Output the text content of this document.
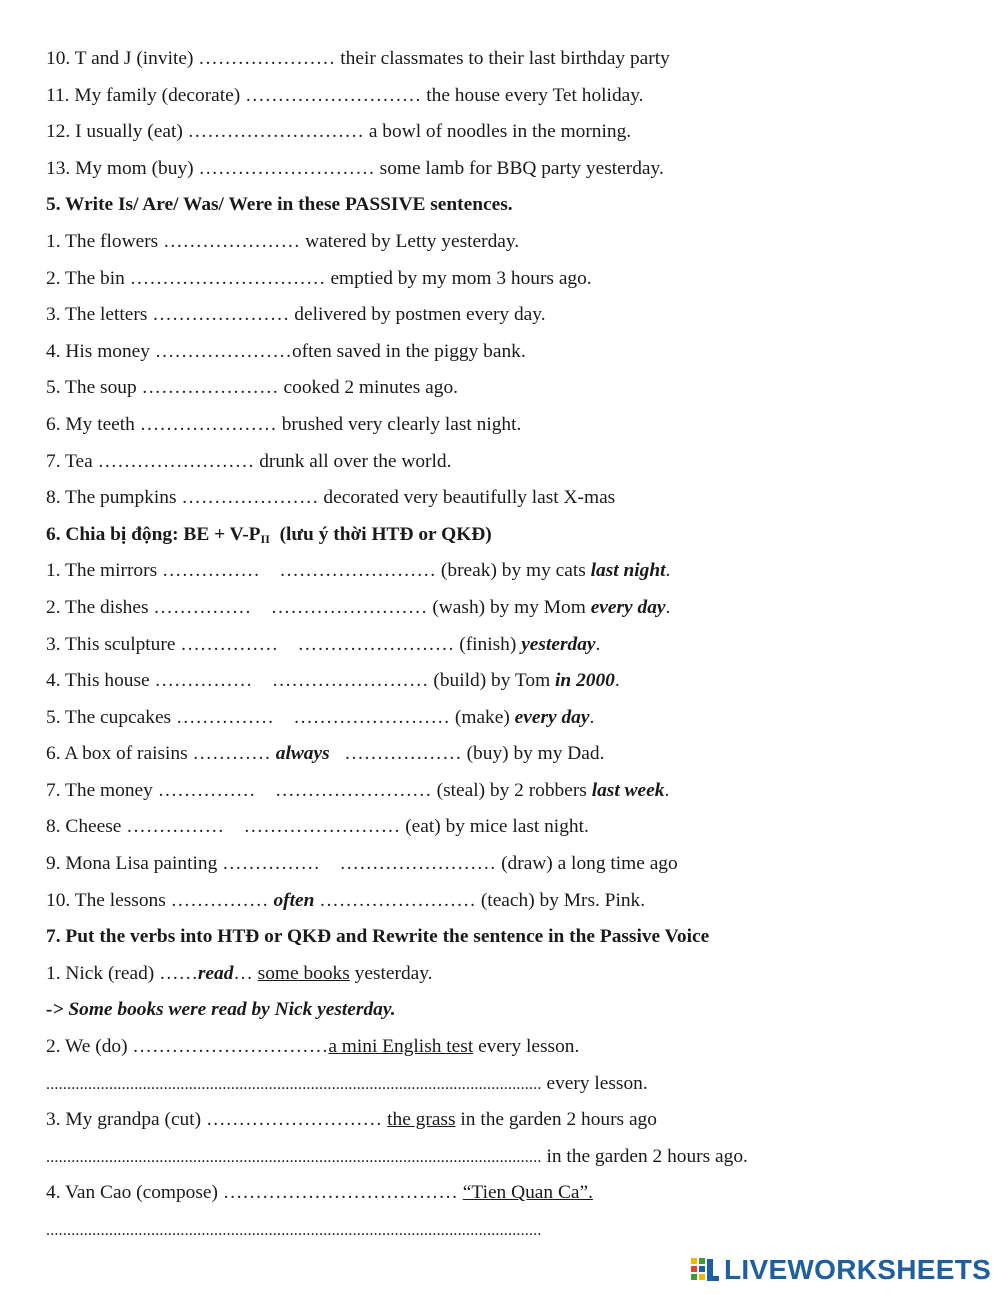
10. T and J (invite) ………………… their classmates to their last birthday party
11. My family (decorate) ……………………… the house every Tet holiday.
12. I usually (eat) ……………………… a bowl of noodles in the morning.
13. My mom (buy) ……………………… some lamb for BBQ party yesterday.
5. Write Is/ Are/ Was/ Were in these PASSIVE sentences.
1. The flowers ………………… watered by Letty yesterday.
2. The bin ………………………… emptied by my mom 3 hours ago.
3. The letters ………………… delivered by postmen every day.
4. His money …………………often saved in the piggy bank.
5. The soup ………………… cooked 2 minutes ago.
6. My teeth ………………… brushed very clearly last night.
7. Tea …………………… drunk all over the world.
8. The pumpkins ………………… decorated very beautifully last X-mas
6. Chia bị động: BE + $V-P_{II}$ (lưu ý thời HTĐ or QKĐ)
1. The mirrors …………… …………………… (break) by my cats last night.
2. The dishes …………… …………………… (wash) by my Mom every day.
3. This sculpture …………… …………………… (finish) yesterday.
4. This house …………… …………………… (build) by Tom in 2000.
5. The cupcakes …………… …………………… (make) every day.
6. A box of raisins ………… always ……………… (buy) by my Dad.
7. The money …………… …………………… (steal) by 2 robbers last week.
8. Cheese …………… …………………… (eat) by mice last night.
9. Mona Lisa painting …………… …………………… (draw) a long time ago
10. The lessons …………… often …………………… (teach) by Mrs. Pink.
7. Put the verbs into HTĐ or QKĐ and Rewrite the sentence in the Passive Voice
1. Nick (read) ……read… some books yesterday.
-> Some books were read by Nick yesterday.
2. We (do) …………………………a mini English test every lesson.
...................................................................................................................... every lesson.
3. My grandpa (cut) ……………………… the grass in the garden 2 hours ago
...................................................................................................................... in the garden 2 hours ago.
4. Van Cao (compose) ……………………………… “Tien Quan Ca”.
......................................................................................................................
LIVEWORKSHEETS
